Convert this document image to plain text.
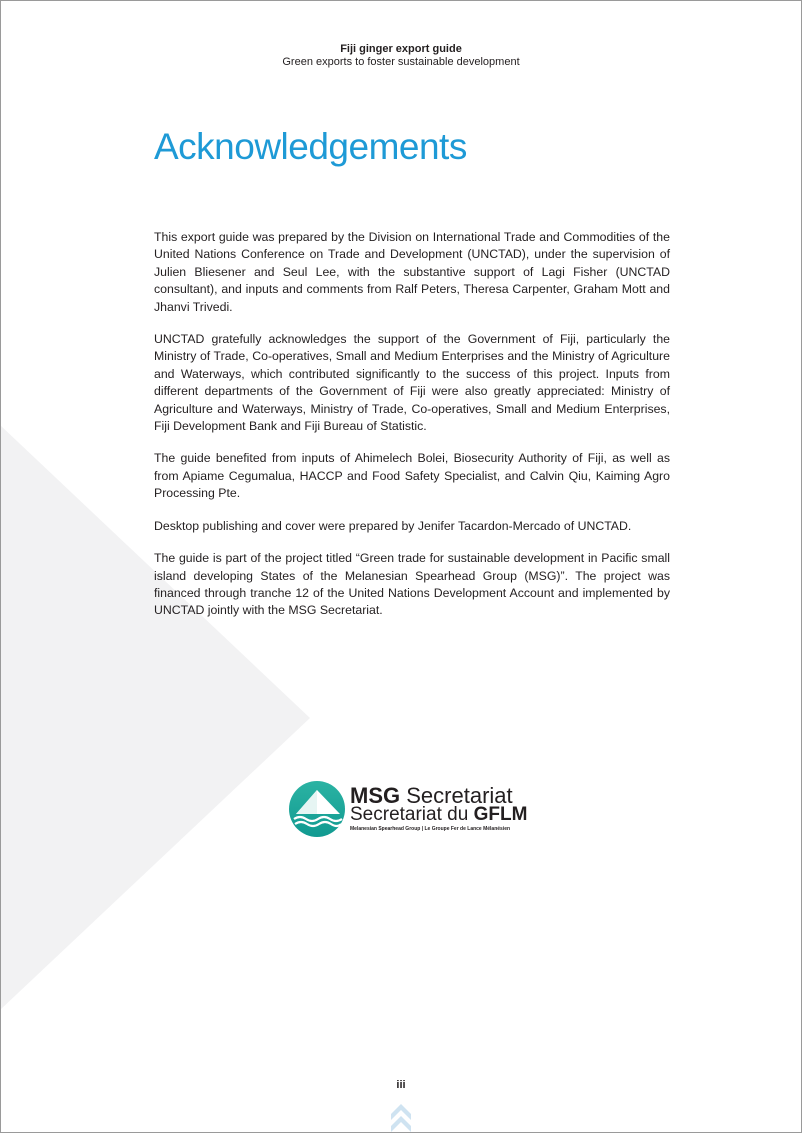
Fiji ginger export guide
Green exports to foster sustainable development
Acknowledgements

This export guide was prepared by the Division on International Trade and Commodities of the United Nations Conference on Trade and Development (UNCTAD), under the supervision of Julien Bliesener and Seul Lee, with the substantive support of Lagi Fisher (UNCTAD consultant), and inputs and comments from Ralf Peters, Theresa Carpenter, Graham Mott and Jhanvi Trivedi.

UNCTAD gratefully acknowledges the support of the Government of Fiji, particularly the Ministry of Trade, Co-operatives, Small and Medium Enterprises and the Ministry of Agriculture and Waterways, which contributed significantly to the success of this project. Inputs from different departments of the Government of Fiji were also greatly appreciated: Ministry of Agriculture and Waterways, Ministry of Trade, Co-operatives, Small and Medium Enterprises, Fiji Development Bank and Fiji Bureau of Statistic.

The guide benefited from inputs of Ahimelech Bolei, Biosecurity Authority of Fiji, as well as from Apiame Cegumalua, HACCP and Food Safety Specialist, and Calvin Qiu, Kaiming Agro Processing Pte.

Desktop publishing and cover were prepared by Jenifer Tacardon-Mercado of UNCTAD.

The guide is part of the project titled “Green trade for sustainable development in Pacific small island developing States of the Melanesian Spearhead Group (MSG)”. The project was financed through tranche 12 of the United Nations Development Account and implemented by UNCTAD jointly with the MSG Secretariat.

MSG Secretariat
Secretariat du GFLM
Melanesian Spearhead Group | Le Groupe Fer de Lance Mélanésien
iii
